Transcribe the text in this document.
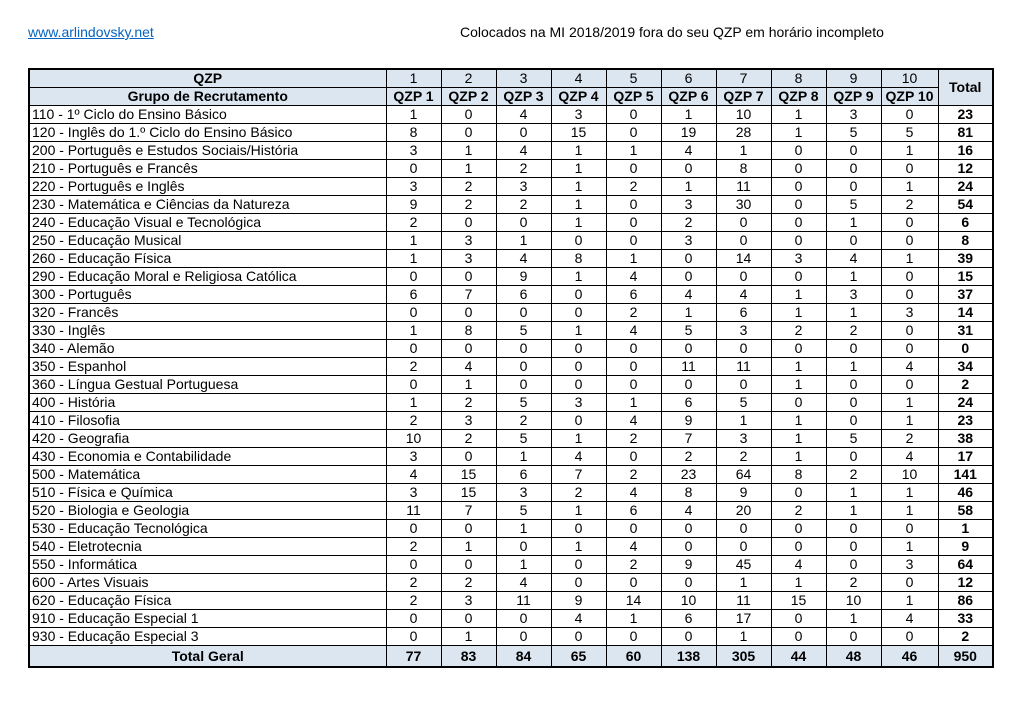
www.arlindovsky.net	Colocados na MI 2018/2019 fora do seu QZP em horário incompleto
QZP	1	2	3	4	5	6	7	8	9	10	Total
Grupo de Recrutamento	QZP 1	QZP 2	QZP 3	QZP 4	QZP 5	QZP 6	QZP 7	QZP 8	QZP 9	QZP 10	
110 - 1º Ciclo do Ensino Básico	1	0	4	3	0	1	10	1	3	0	23
120 - Inglês do 1.º Ciclo do Ensino Básico	8	0	0	15	0	19	28	1	5	5	81
200 - Português e Estudos Sociais/História	3	1	4	1	1	4	1	0	0	1	16
210 - Português e Francês	0	1	2	1	0	0	8	0	0	0	12
220 - Português e Inglês	3	2	3	1	2	1	11	0	0	1	24
230 - Matemática e Ciências da Natureza	9	2	2	1	0	3	30	0	5	2	54
240 - Educação Visual e Tecnológica	2	0	0	1	0	2	0	0	1	0	6
250 - Educação Musical	1	3	1	0	0	3	0	0	0	0	8
260 - Educação Física	1	3	4	8	1	0	14	3	4	1	39
290 - Educação Moral e Religiosa Católica	0	0	9	1	4	0	0	0	1	0	15
300 - Português	6	7	6	0	6	4	4	1	3	0	37
320 - Francês	0	0	0	0	2	1	6	1	1	3	14
330 - Inglês	1	8	5	1	4	5	3	2	2	0	31
340 - Alemão	0	0	0	0	0	0	0	0	0	0	0
350 - Espanhol	2	4	0	0	0	11	11	1	1	4	34
360 - Língua Gestual Portuguesa	0	1	0	0	0	0	0	1	0	0	2
400 - História	1	2	5	3	1	6	5	0	0	1	24
410 - Filosofia	2	3	2	0	4	9	1	1	0	1	23
420 - Geografia	10	2	5	1	2	7	3	1	5	2	38
430 - Economia e Contabilidade	3	0	1	4	0	2	2	1	0	4	17
500 - Matemática	4	15	6	7	2	23	64	8	2	10	141
510 - Física e Química	3	15	3	2	4	8	9	0	1	1	46
520 - Biologia e Geologia	11	7	5	1	6	4	20	2	1	1	58
530 - Educação Tecnológica	0	0	1	0	0	0	0	0	0	0	1
540 - Eletrotecnia	2	1	0	1	4	0	0	0	0	1	9
550 - Informática	0	0	1	0	2	9	45	4	0	3	64
600 - Artes Visuais	2	2	4	0	0	0	1	1	2	0	12
620 - Educação Física	2	3	11	9	14	10	11	15	10	1	86
910 - Educação Especial 1	0	0	0	4	1	6	17	0	1	4	33
930 - Educação Especial 3	0	1	0	0	0	0	1	0	0	0	2
Total Geral	77	83	84	65	60	138	305	44	48	46	950
